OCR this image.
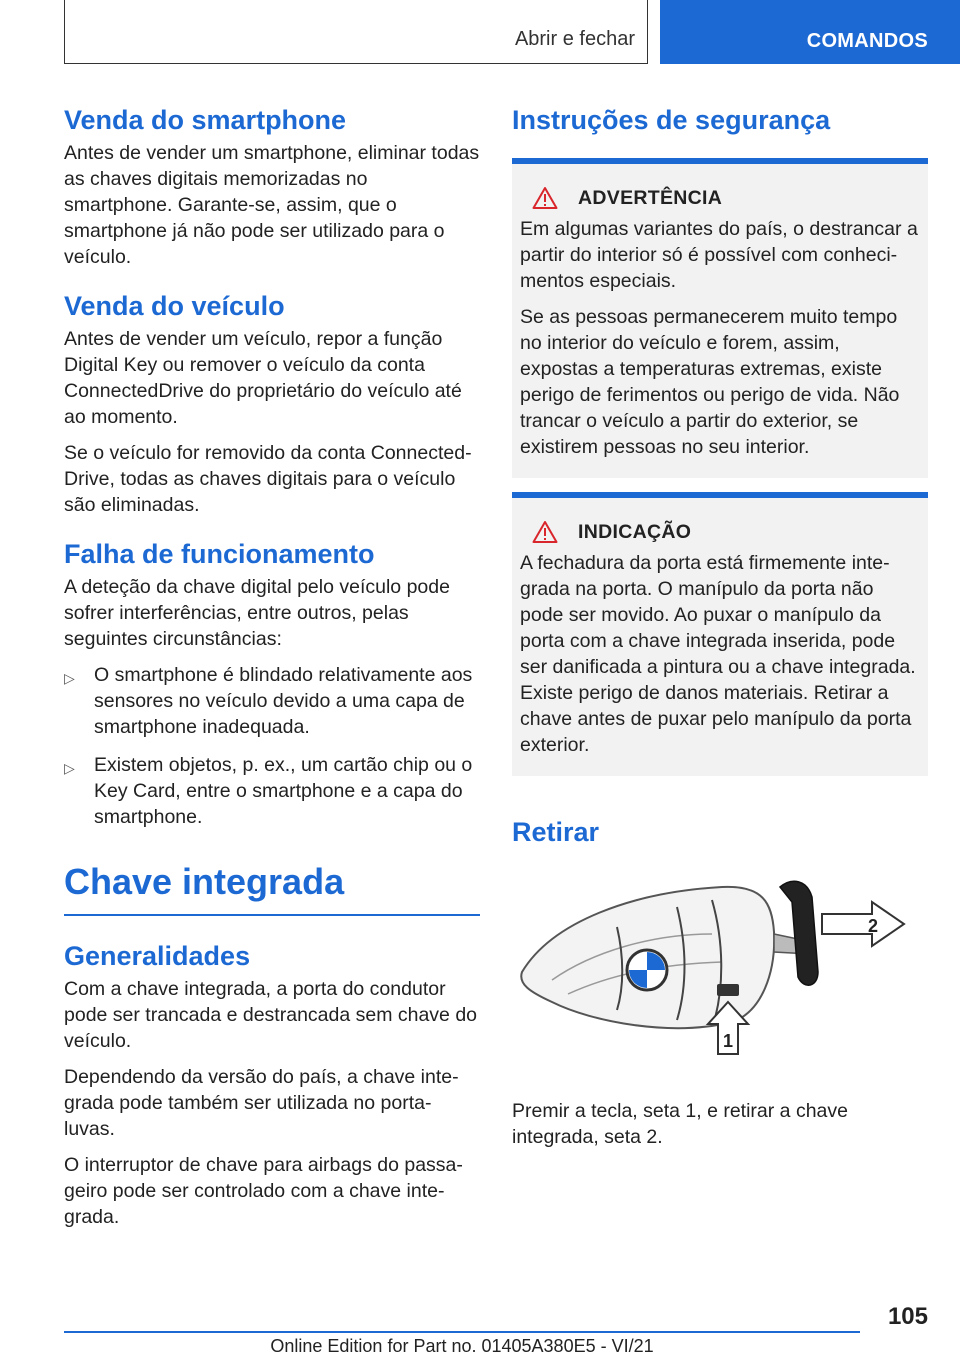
Abrir e fechar	COMANDOS
Venda do smartphone

Antes de vender um smartphone, eliminar todas as chaves digitais memorizadas no smartphone. Garante-se, assim, que o smartphone já não pode ser utilizado para o veículo.

Venda do veículo

Antes de vender um veículo, repor a função Digital Key ou remover o veículo da conta ConnectedDrive do proprietário do veículo até ao momento.

Se o veículo for removido da conta ConnectedDrive, todas as chaves digitais para o veículo são eliminadas.

Falha de funcionamento

A deteção da chave digital pelo veículo pode sofrer interferências, entre outros, pelas seguintes circunstâncias:

▷ O smartphone é blindado relativamente aos sensores no veículo devido a uma capa de smartphone inadequada.
▷ Existem objetos, p. ex., um cartão chip ou o Key Card, entre o smartphone e a capa do smartphone.
Chave integrada
Generalidades

Com a chave integrada, a porta do condutor pode ser trancada e destrancada sem chave do veículo.

Dependendo da versão do país, a chave integrada pode também ser utilizada no porta-luvas.

O interruptor de chave para airbags do passageiro pode ser controlado com a chave integrada.

Instruções de segurança
ADVERTÊNCIA

Em algumas variantes do país, o destrancar a partir do interior só é possível com conhecimentos especiais.

Se as pessoas permanecerem muito tempo no interior do veículo e forem, assim, expostas a temperaturas extremas, existe perigo de ferimentos ou perigo de vida. Não trancar o veículo a partir do exterior, se existirem pessoas no seu interior.

INDICAÇÃO

A fechadura da porta está firmemente integrada na porta. O manípulo da porta não pode ser movido. Ao puxar o manípulo da porta com a chave integrada inserida, pode ser danificada a pintura ou a chave integrada. Existe perigo de danos materiais. Retirar a chave antes de puxar pelo manípulo da porta exterior.

Retirar
2
1

Premir a tecla, seta 1, e retirar a chave integrada, seta 2.

105
Online Edition for Part no. 01405A380E5 - VI/21
